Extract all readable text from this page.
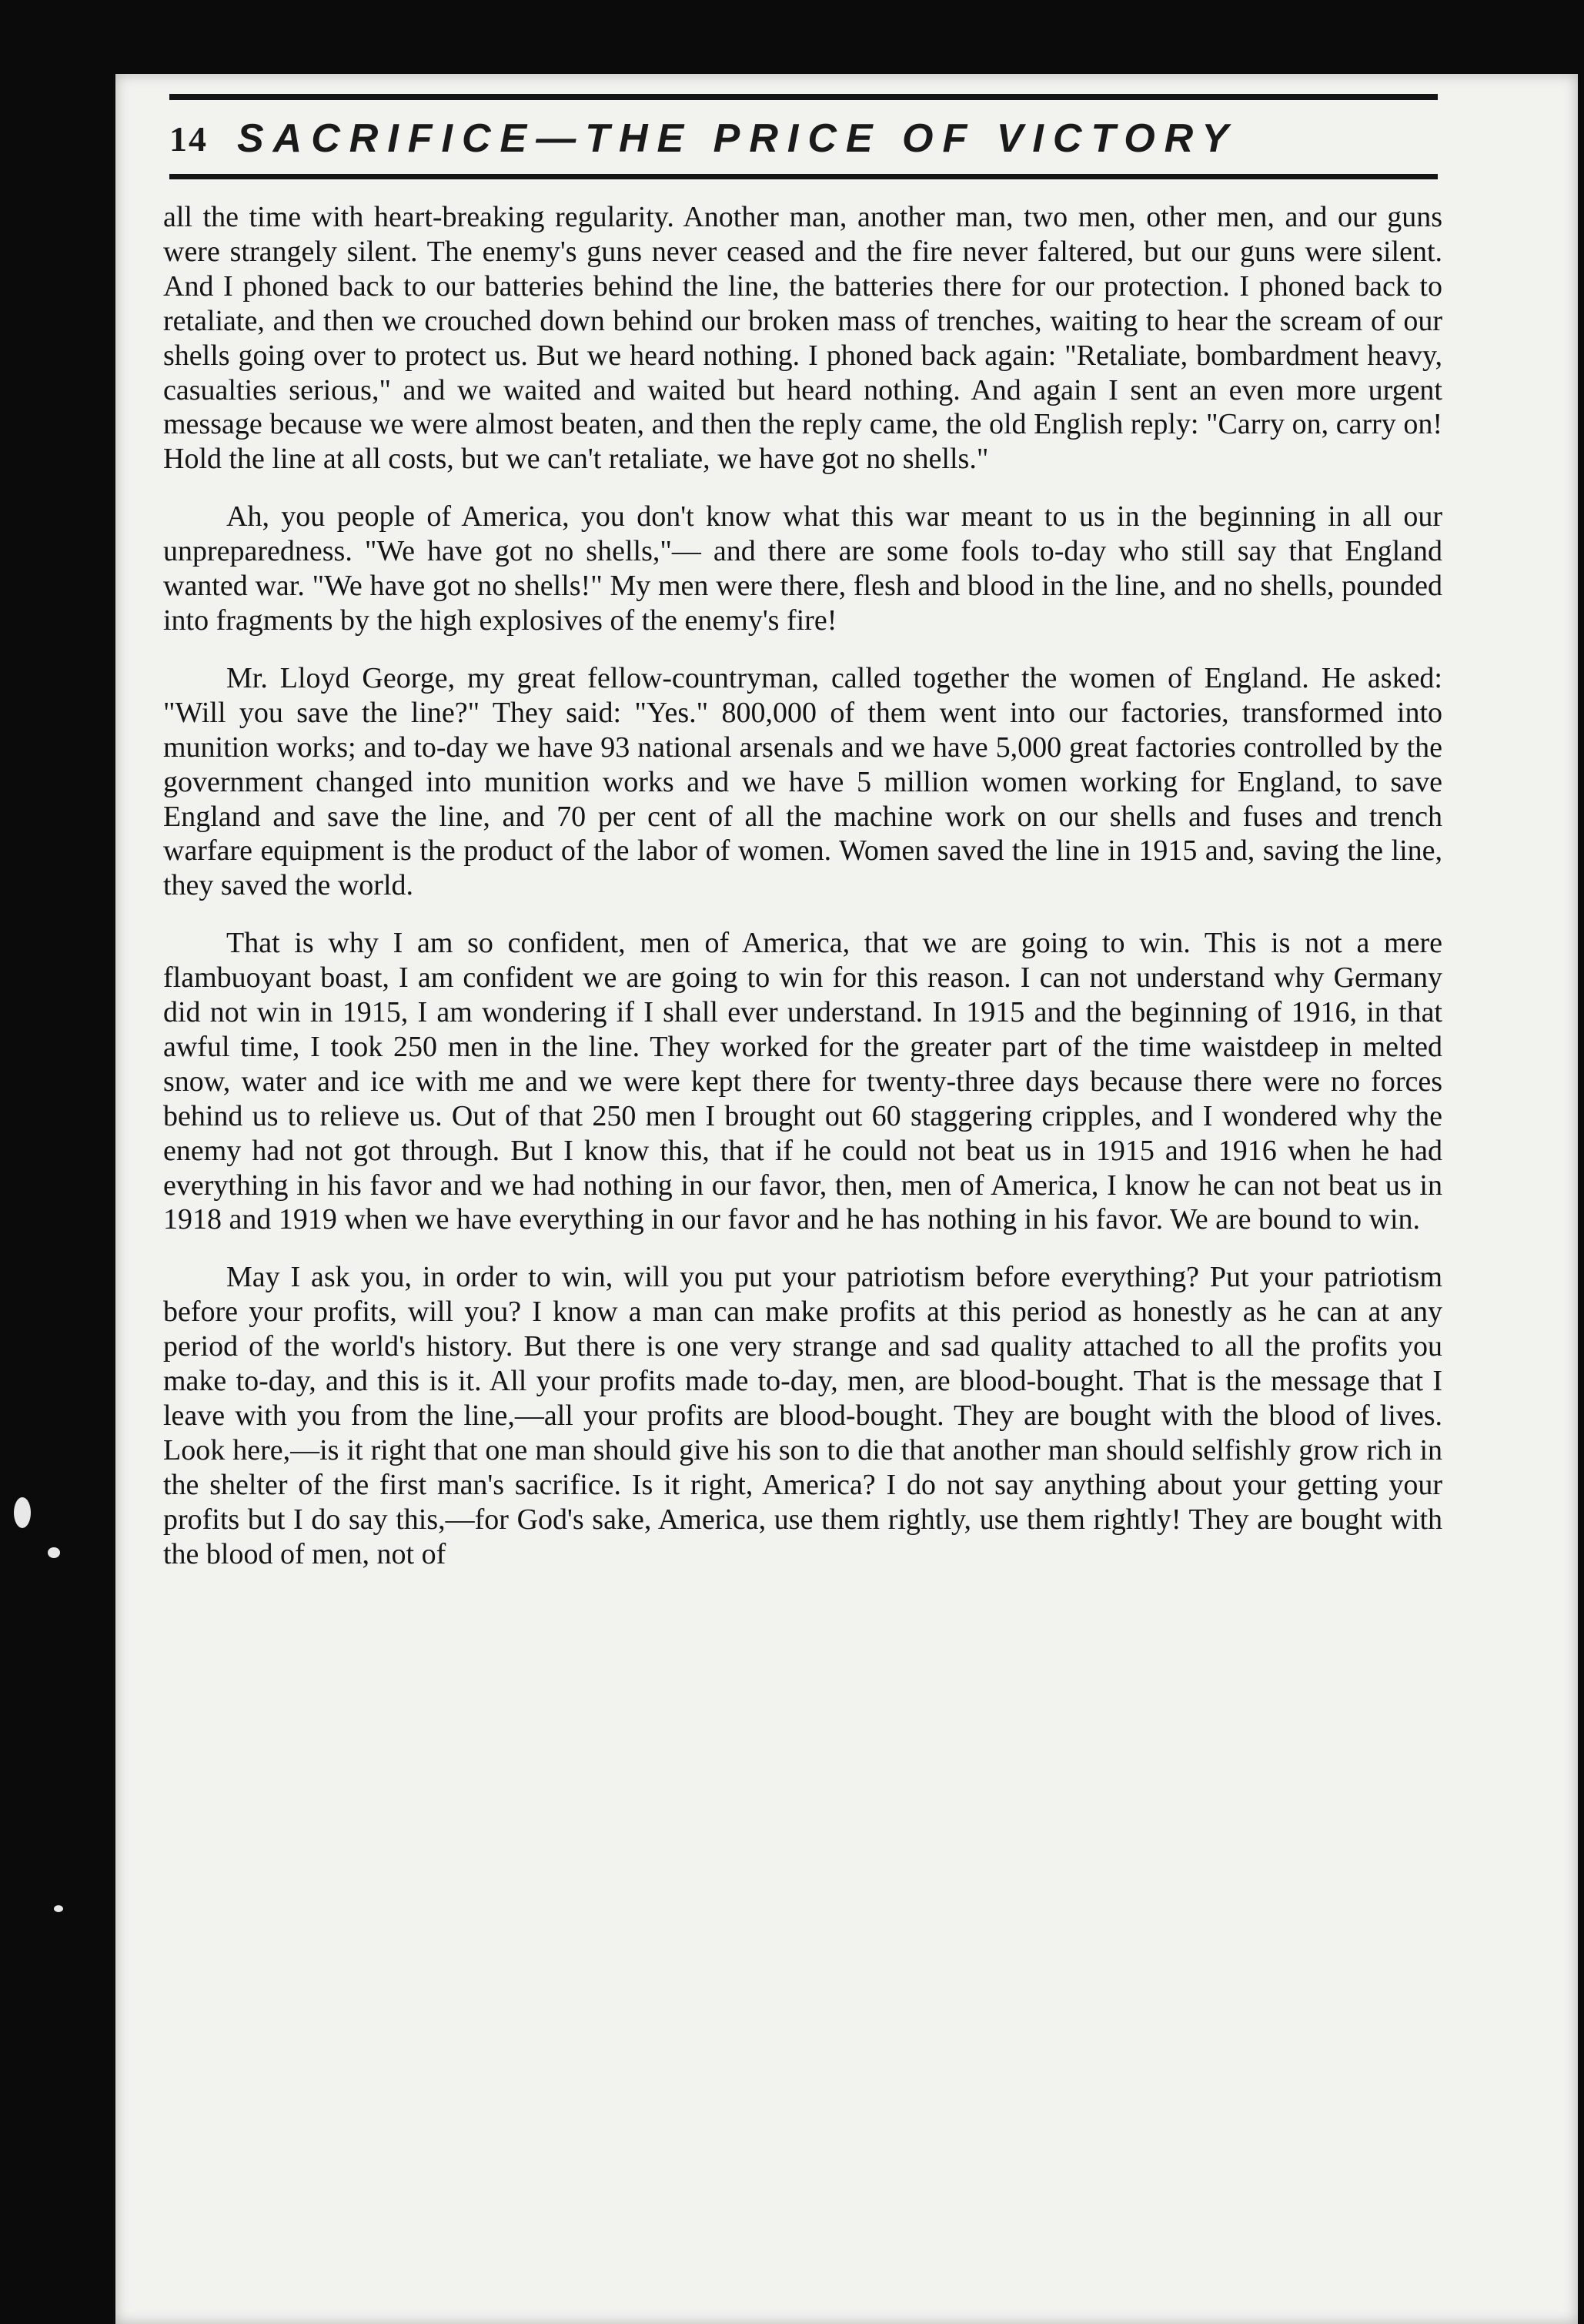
14 SACRIFICE—THE PRICE OF VICTORY

all the time with heart-breaking regularity. Another man, another man, two men, other men, and our guns were strangely silent. The enemy's guns never ceased and the fire never faltered, but our guns were silent. And I phoned back to our batteries behind the line, the batteries there for our protection. I phoned back to retaliate, and then we crouched down behind our broken mass of trenches, waiting to hear the scream of our shells going over to protect us. But we heard nothing. I phoned back again: "Retaliate, bombardment heavy, casualties serious," and we waited and waited but heard nothing. And again I sent an even more urgent message because we were almost beaten, and then the reply came, the old English reply: "Carry on, carry on! Hold the line at all costs, but we can't retaliate, we have got no shells."

Ah, you people of America, you don't know what this war meant to us in the beginning in all our unpreparedness. "We have got no shells,"— and there are some fools to-day who still say that England wanted war. "We have got no shells!" My men were there, flesh and blood in the line, and no shells, pounded into fragments by the high explosives of the enemy's fire!

Mr. Lloyd George, my great fellow-countryman, called together the women of England. He asked: "Will you save the line?" They said: "Yes." 800,000 of them went into our factories, transformed into munition works; and to-day we have 93 national arsenals and we have 5,000 great factories controlled by the government changed into munition works and we have 5 million women working for England, to save England and save the line, and 70 per cent of all the machine work on our shells and fuses and trench warfare equipment is the product of the labor of women. Women saved the line in 1915 and, saving the line, they saved the world.

That is why I am so confident, men of America, that we are going to win. This is not a mere flambuoyant boast, I am confident we are going to win for this reason. I can not understand why Germany did not win in 1915, I am wondering if I shall ever understand. In 1915 and the beginning of 1916, in that awful time, I took 250 men in the line. They worked for the greater part of the time waistdeep in melted snow, water and ice with me and we were kept there for twenty-three days because there were no forces behind us to relieve us. Out of that 250 men I brought out 60 staggering cripples, and I wondered why the enemy had not got through. But I know this, that if he could not beat us in 1915 and 1916 when he had everything in his favor and we had nothing in our favor, then, men of America, I know he can not beat us in 1918 and 1919 when we have everything in our favor and he has nothing in his favor. We are bound to win.

May I ask you, in order to win, will you put your patriotism before everything? Put your patriotism before your profits, will you? I know a man can make profits at this period as honestly as he can at any period of the world's history. But there is one very strange and sad quality attached to all the profits you make to-day, and this is it. All your profits made to-day, men, are blood-bought. That is the message that I leave with you from the line,—all your profits are blood-bought. They are bought with the blood of lives. Look here,—is it right that one man should give his son to die that another man should selfishly grow rich in the shelter of the first man's sacrifice. Is it right, America? I do not say anything about your getting your profits but I do say this,—for God's sake, America, use them rightly, use them rightly! They are bought with the blood of men, not of
